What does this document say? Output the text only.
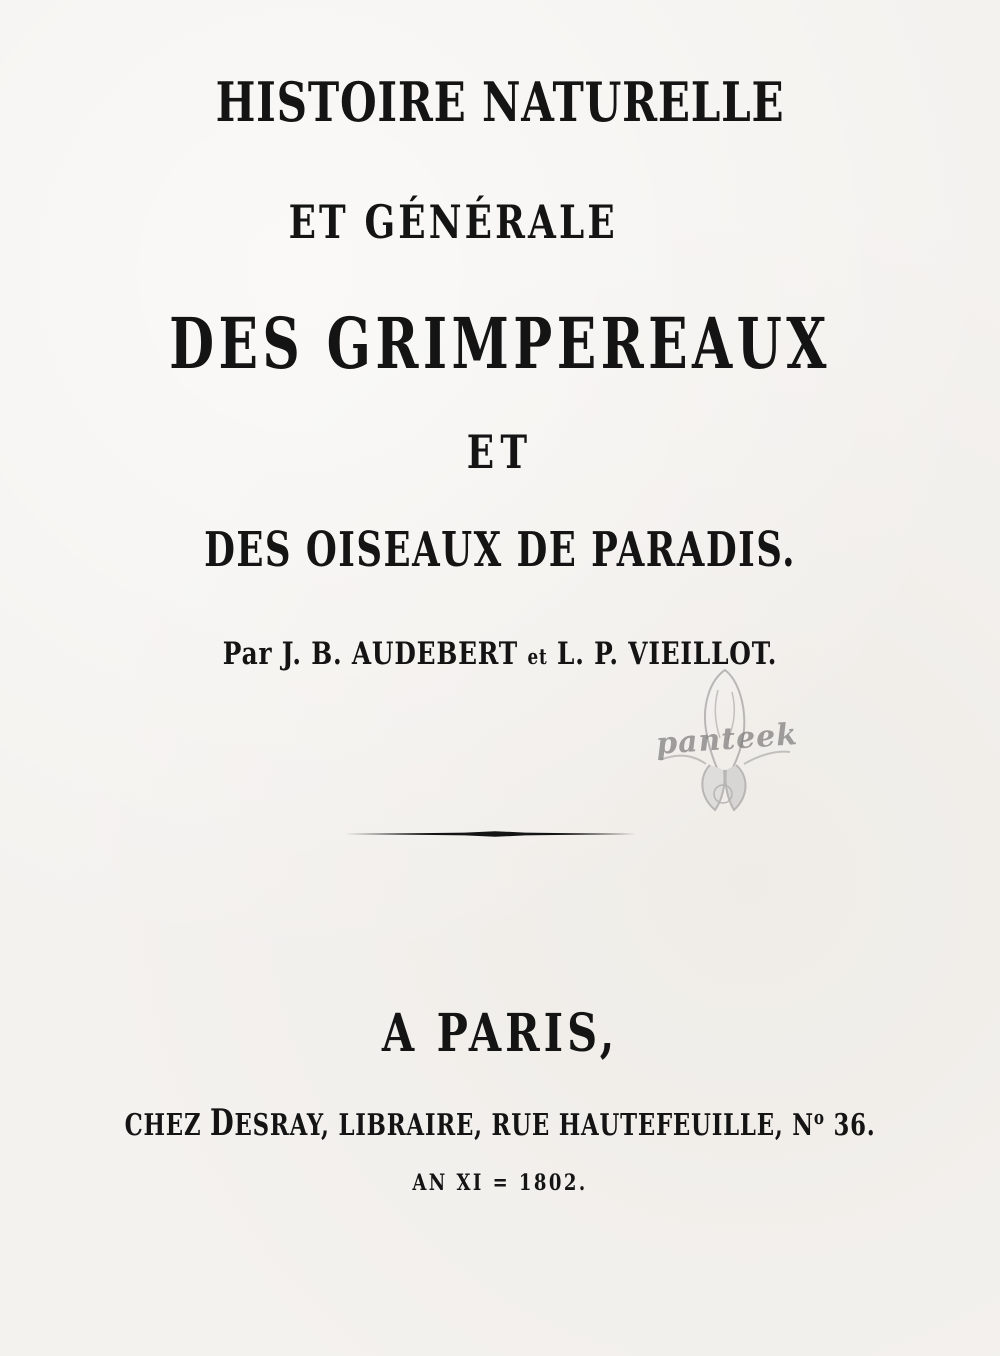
HISTOIRE NATURELLE
ET GÉNÉRALE
DES GRIMPEREAUX
ET
DES OISEAUX DE PARADIS.
Par J. B. AUDEBERT et L. P. VIEILLOT.
panteek
A PARIS,
CHEZ DESRAY, LIBRAIRE, RUE HAUTEFEUILLE, $N^o$ 36.
AN XI = 1802.
